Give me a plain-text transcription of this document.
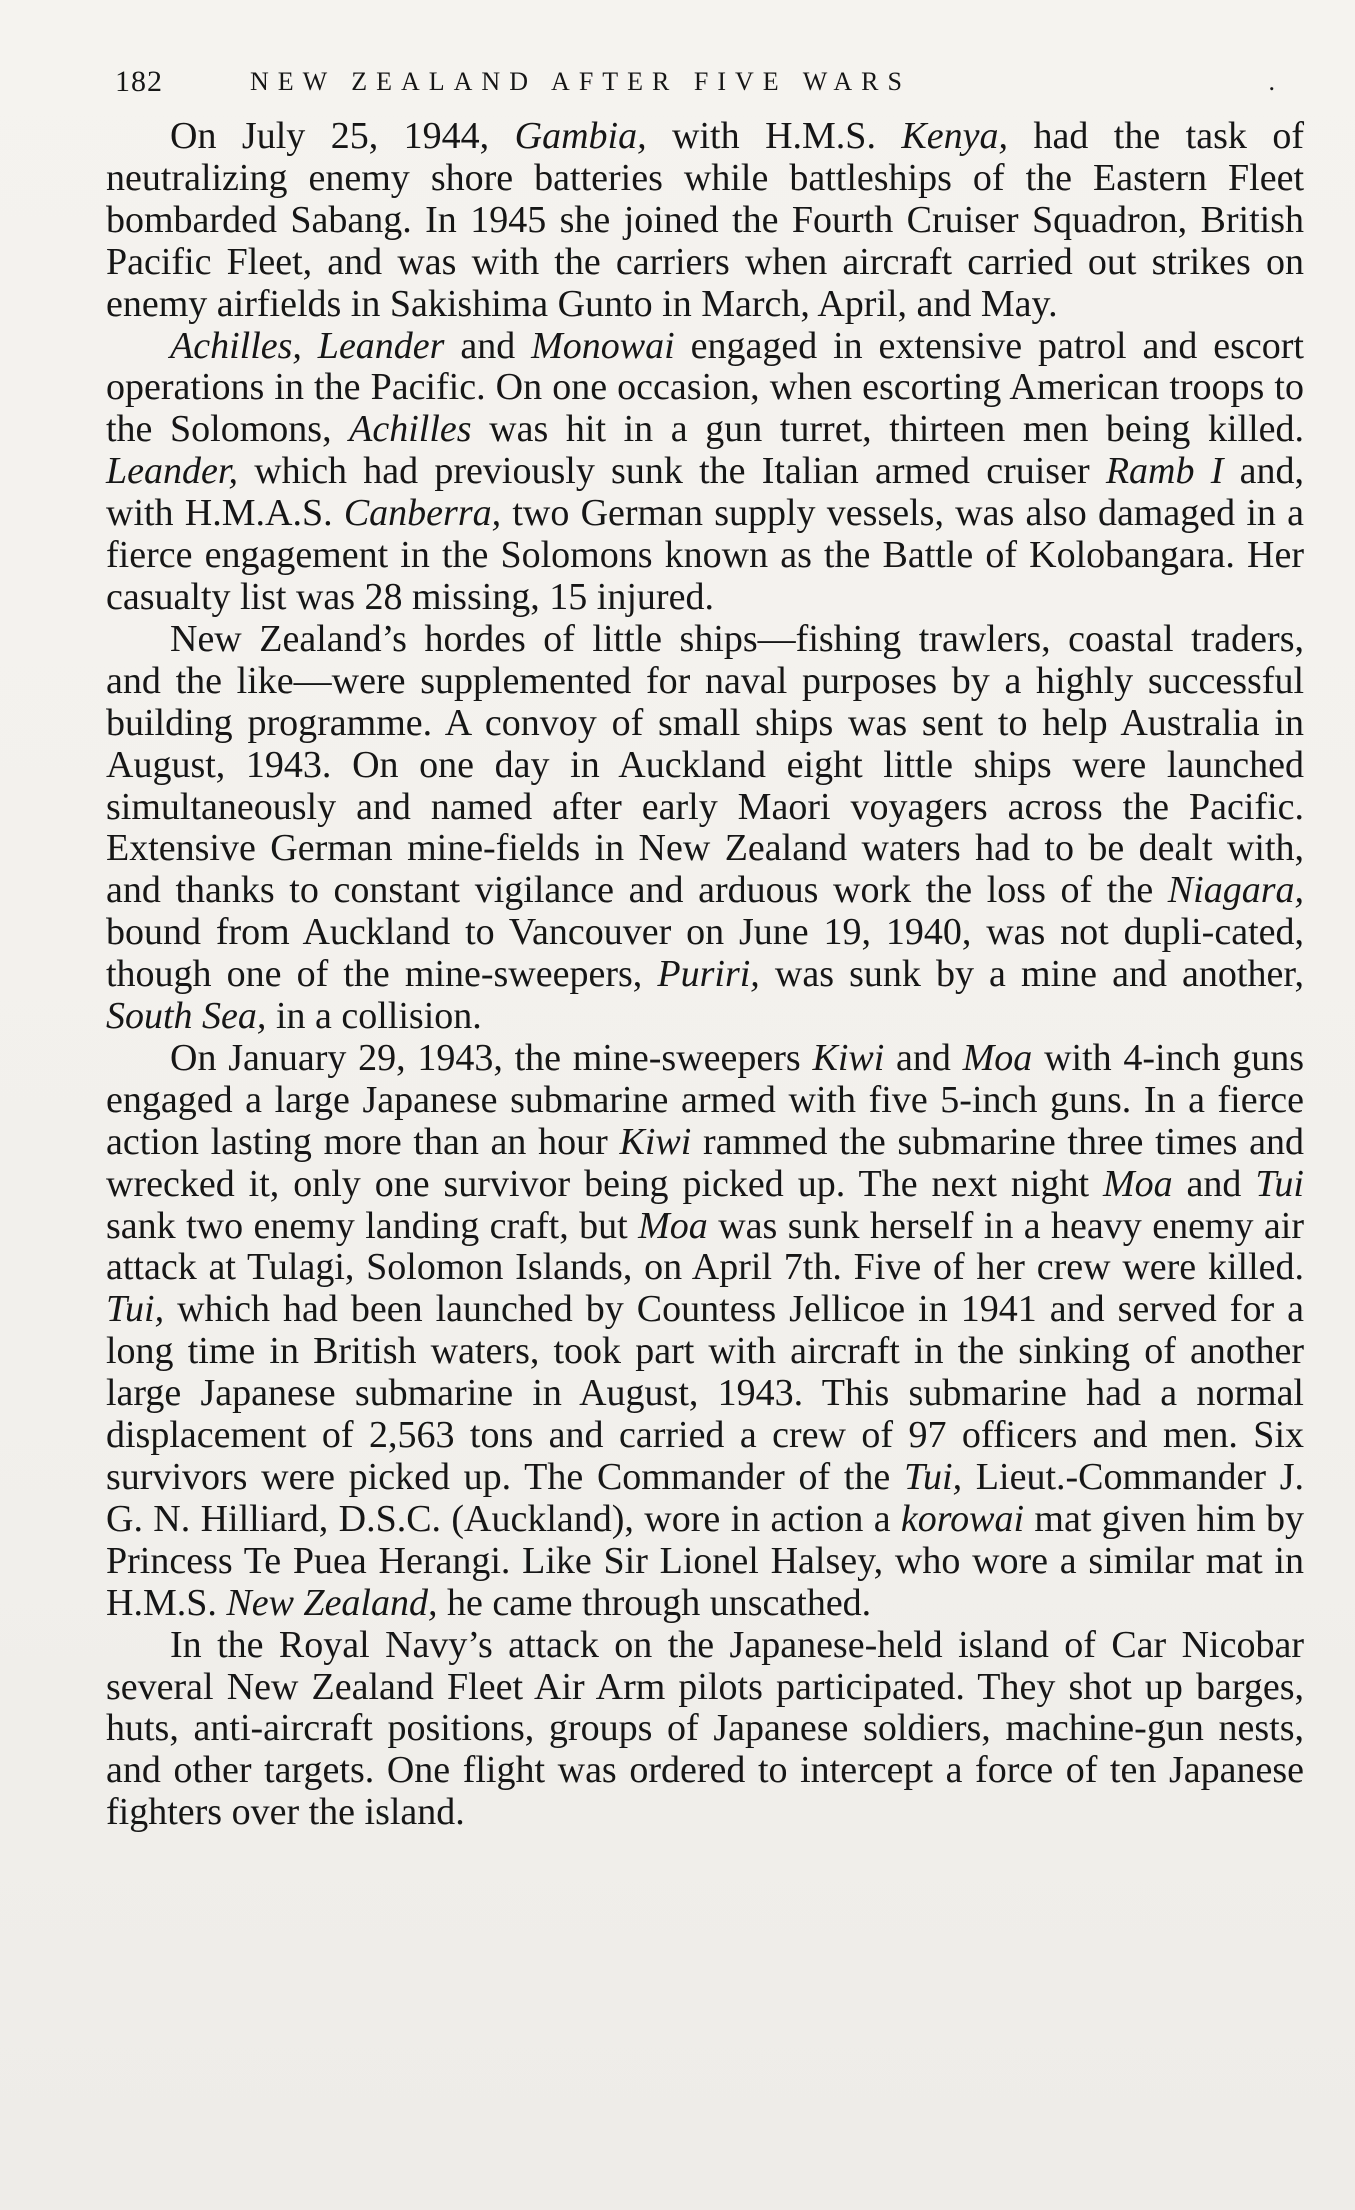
182	NEW ZEALAND AFTER FIVE WARS	.

On July 25, 1944, Gambia, with H.M.S. Kenya, had the task of neutralizing enemy shore batteries while battleships of the Eastern Fleet bombarded Sabang. In 1945 she joined the Fourth Cruiser Squadron, British Pacific Fleet, and was with the carriers when aircraft carried out strikes on enemy airfields in Sakishima Gunto in March, April, and May.

Achilles, Leander and Monowai engaged in extensive patrol and escort operations in the Pacific. On one occasion, when escorting American troops to the Solomons, Achilles was hit in a gun turret, thirteen men being killed. Leander, which had previously sunk the Italian armed cruiser Ramb I and, with H.M.A.S. Canberra, two German supply vessels, was also damaged in a fierce engagement in the Solomons known as the Battle of Kolobangara. Her casualty list was 28 missing, 15 injured.

New Zealand’s hordes of little ships—fishing trawlers, coastal traders, and the like—were supplemented for naval purposes by a highly successful building programme. A convoy of small ships was sent to help Australia in August, 1943. On one day in Auckland eight little ships were launched simultaneously and named after early Maori voyagers across the Pacific. Extensive German mine-fields in New Zealand waters had to be dealt with, and thanks to constant vigilance and arduous work the loss of the Niagara, bound from Auckland to Vancouver on June 19, 1940, was not dupli-cated, though one of the mine-sweepers, Puriri, was sunk by a mine and another, South Sea, in a collision.

On January 29, 1943, the mine-sweepers Kiwi and Moa with 4-inch guns engaged a large Japanese submarine armed with five 5-inch guns. In a fierce action lasting more than an hour Kiwi rammed the submarine three times and wrecked it, only one survivor being picked up. The next night Moa and Tui sank two enemy landing craft, but Moa was sunk herself in a heavy enemy air attack at Tulagi, Solomon Islands, on April 7th. Five of her crew were killed. Tui, which had been launched by Countess Jellicoe in 1941 and served for a long time in British waters, took part with aircraft in the sinking of another large Japanese submarine in August, 1943. This submarine had a normal displacement of 2,563 tons and carried a crew of 97 officers and men. Six survivors were picked up. The Commander of the Tui, Lieut.-Commander J. G. N. Hilliard, D.S.C. (Auckland), wore in action a korowai mat given him by Princess Te Puea Herangi. Like Sir Lionel Halsey, who wore a similar mat in H.M.S. New Zealand, he came through unscathed.

In the Royal Navy’s attack on the Japanese-held island of Car Nicobar several New Zealand Fleet Air Arm pilots participated. They shot up barges, huts, anti-aircraft positions, groups of Japanese soldiers, machine-gun nests, and other targets. One flight was ordered to intercept a force of ten Japanese fighters over the island.
